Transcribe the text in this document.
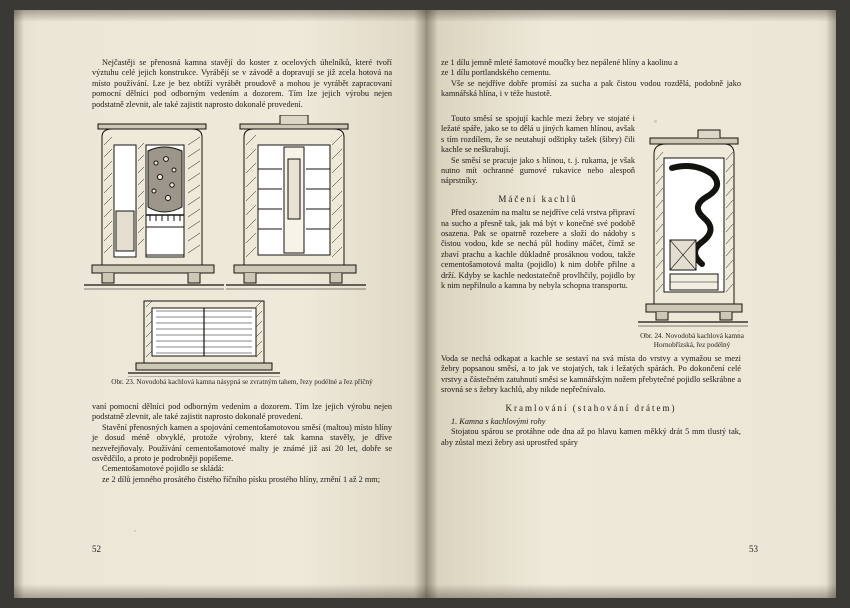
Nejčastěji se přenosná kamna stavějí do koster z ocelových úhelníků, které tvoří výztuhu celé jejich konstrukce. Vyrábějí se v závodě a dopravují se již zcela hotová na místo používání. Lze je bez obtíží vyrábět proudově a mohou je vyrábět zapracovaní pomocní dělníci pod odborným vedením a dozorem. Tím lze jejich výrobu nejen podstatně zlevnit, ale také zajistit naprosto dokonalé provedení.

Obr. 23. Novodobá kachlová kamna násypná se zvratným tahem, řezy podélné a řez příčný

vaní pomocní dělníci pod odborným vedením a dozorem. Tím lze jejich výrobu nejen podstatně zlevnit, ale také zajistit naprosto dokonalé provedení.

Stavění přenosných kamen a spojování cementošamotovou směsí (maltou) místo hlíny je dosud méně obvyklé, protože výrobny, které tak kamna stavěly, je dříve nezveřejňovaly. Používání cementošamotové malty je známé již asi 20 let, dobře se osvědčilo, a proto je podrobněji popišeme.

Cementošamotové pojidlo se skládá:

ze 2 dílů jemného prosátého čistého říčního písku prostého hlíny, zrnění 1 až 2 mm;

52

ze 1 dílu jemně mleté šamotové moučky bez nepálené hlíny a kaolinu a

ze 1 dílu portlandského cementu.

Vše se nejdříve dobře promísí za sucha a pak čistou vodou rozdělá, podobně jako kamnářská hlína, i v téže hustotě.

Touto směsí se spojují kachle mezi žebry ve stojaté i ležaté spáře, jako se to dělá u jiných kamen hlínou, avšak s tím rozdílem, že se neutahují odštipky tašek (šibry) čili kachle se neškrabují.

Se směsí se pracuje jako s hlínou, t. j. rukama, je však nutno mít ochranné gumové rukavice nebo alespoň náprstníky.

Máčení kachlů

Před osazením na maltu se nejdříve celá vrstva připraví na sucho a přesně tak, jak má být v konečné své podobě osazena. Pak se opatrně rozebere a složí do nádoby s čistou vodou, kde se nechá půl hodiny máčet, čímž se zbaví prachu a kachle důkladně prosáknou vodou, takže cementošamotová malta (pojidlo) k nim dobře přilne a drží. Kdyby se kachle nedostatečně provlhčily, pojidlo by k nim nepřilnulo a kamna by nebyla schopna transportu.

Obr. 24. Novodobá kachlová kamna Hornobřízská, řez podélný

Voda se nechá odkapat a kachle se sestaví na svá místa do vrstvy a vymažou se mezi žebry popsanou směsí, a to jak ve stojatých, tak i ležatých spárách. Po dokončení celé vrstvy a částečném zatuhnutí směsi se kamnářským nožem přebytečné pojidlo seškrábne a srovná se s žebry kachlů, aby nikde nepřečnívalo.

Kramlování (stahování drátem)

1. Kamna s kachlovými rohy

Stojatou spárou se protáhne ode dna až po hlavu kamen měkký drát 5 mm tlustý tak, aby zůstal mezi žebry asi uprostřed spáry

53
